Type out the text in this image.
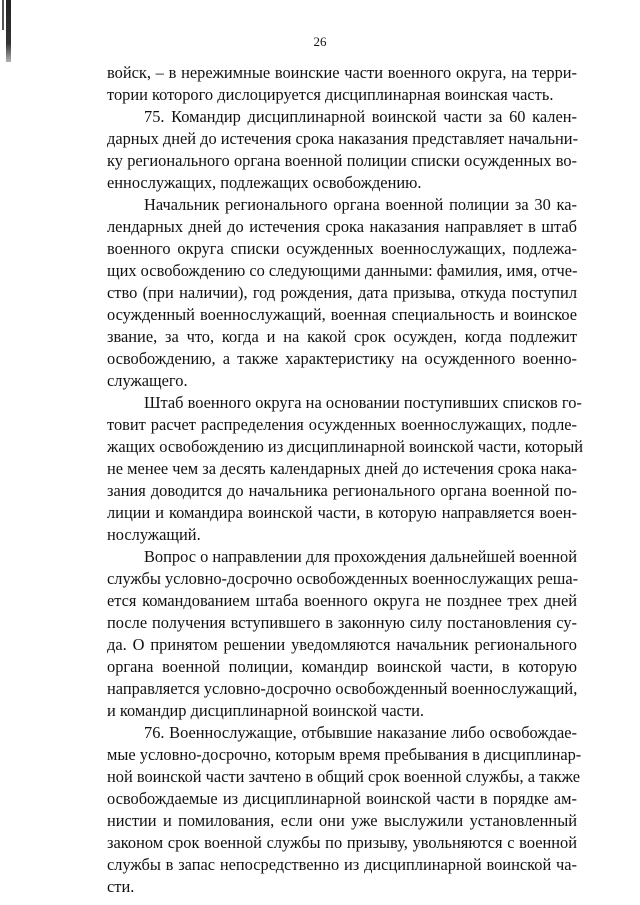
26
войск, – в нережимные воинские части военного округа, на терри-
тории которого дислоцируется дисциплинарная воинская часть.
75. Командир дисциплинарной воинской части за 60 кален-
дарных дней до истечения срока наказания представляет начальни-
ку регионального органа военной полиции списки осужденных во-
еннослужащих, подлежащих освобождению.
Начальник регионального органа военной полиции за 30 ка-
лендарных дней до истечения срока наказания направляет в штаб
военного округа списки осужденных военнослужащих, подлежа-
щих освобождению со следующими данными: фамилия, имя, отче-
ство (при наличии), год рождения, дата призыва, откуда поступил
осужденный военнослужащий, военная специальность и воинское
звание, за что, когда и на какой срок осужден, когда подлежит
освобождению, а также характеристику на осужденного военно-
служащего.
Штаб военного округа на основании поступивших списков го-
товит расчет распределения осужденных военнослужащих, подле-
жащих освобождению из дисциплинарной воинской части, который
не менее чем за десять календарных дней до истечения срока нака-
зания доводится до начальника регионального органа военной по-
лиции и командира воинской части, в которую направляется воен-
нослужащий.
Вопрос о направлении для прохождения дальнейшей военной
службы условно-досрочно освобожденных военнослужащих реша-
ется командованием штаба военного округа не позднее трех дней
после получения вступившего в законную силу постановления су-
да. О принятом решении уведомляются начальник регионального
органа военной полиции, командир воинской части, в которую
направляется условно-досрочно освобожденный военнослужащий,
и командир дисциплинарной воинской части.
76. Военнослужащие, отбывшие наказание либо освобождае-
мые условно-досрочно, которым время пребывания в дисциплинар-
ной воинской части зачтено в общий срок военной службы, а также
освобождаемые из дисциплинарной воинской части в порядке ам-
нистии и помилования, если они уже выслужили установленный
законом срок военной службы по призыву, увольняются с военной
службы в запас непосредственно из дисциплинарной воинской ча-
сти.
